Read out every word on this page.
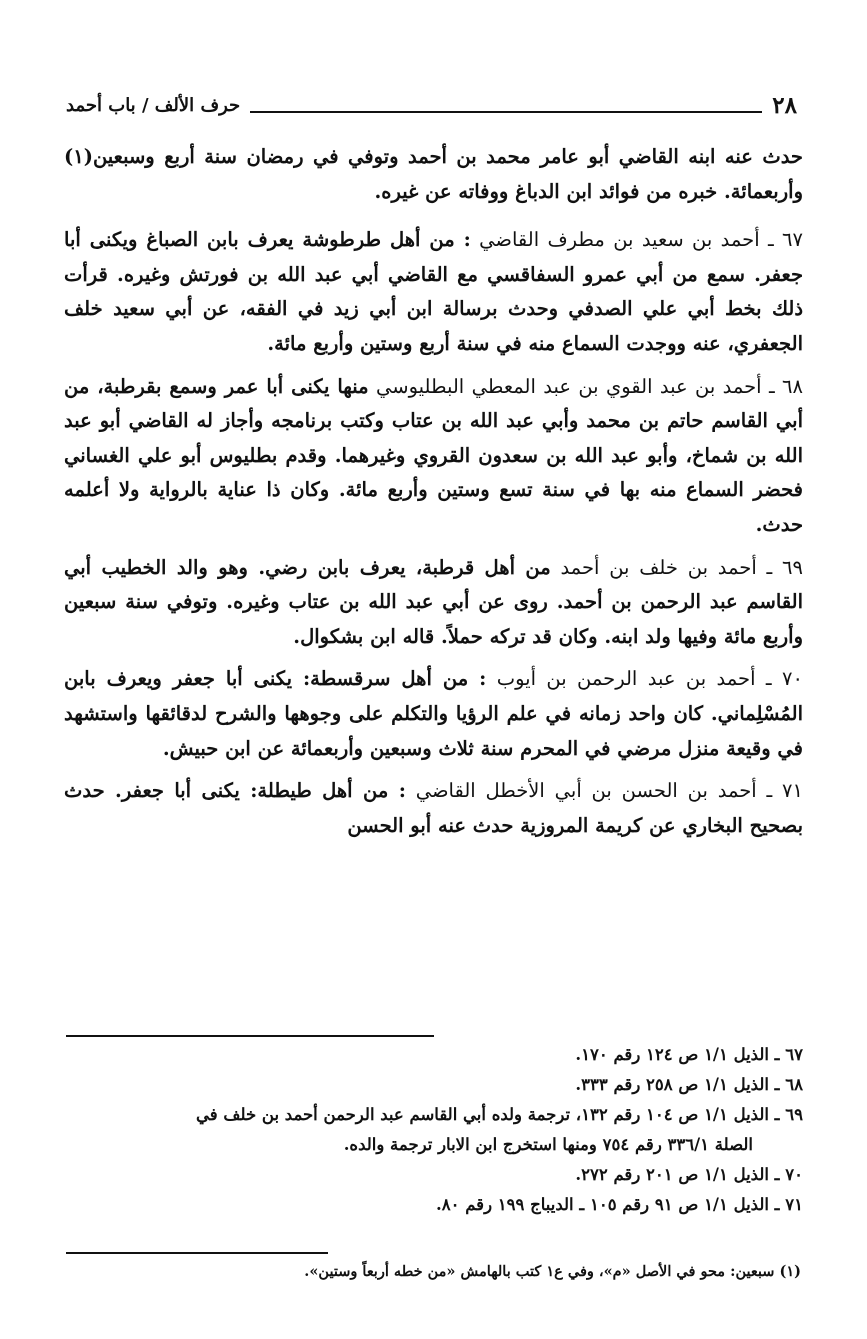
٢٨
حرف الألف / باب أحمد

حدث عنه ابنه القاضي أبو عامر محمد بن أحمد وتوفي في رمضان سنة أربع وسبعين(١) وأربعمائة. خبره من فوائد ابن الدباغ ووفاته عن غيره.

٦٧ ـ أحمد بن سعيد بن مطرف القاضي : من أهل طرطوشة يعرف بابن الصباغ ويكنى أبا جعفر. سمع من أبي عمرو السفاقسي مع القاضي أبي عبد الله بن فورتش وغيره. قرأت ذلك بخط أبي علي الصدفي وحدث برسالة ابن أبي زيد في الفقه، عن أبي سعيد خلف الجعفري، عنه ووجدت السماع منه في سنة أربع وستين وأربع مائة.

٦٨ ـ أحمد بن عبد القوي بن عبد المعطي البطليوسي منها يكنى أبا عمر وسمع بقرطبة، من أبي القاسم حاتم بن محمد وأبي عبد الله بن عتاب وكتب برنامجه وأجاز له القاضي أبو عبد الله بن شماخ، وأبو عبد الله بن سعدون القروي وغيرهما. وقدم بطليوس أبو علي الغساني فحضر السماع منه بها في سنة تسع وستين وأربع مائة. وكان ذا عناية بالرواية ولا أعلمه حدث.

٦٩ ـ أحمد بن خلف بن أحمد من أهل قرطبة، يعرف بابن رضي. وهو والد الخطيب أبي القاسم عبد الرحمن بن أحمد. روى عن أبي عبد الله بن عتاب وغيره. وتوفي سنة سبعين وأربع مائة وفيها ولد ابنه. وكان قد تركه حملاً. قاله ابن بشكوال.

٧٠ ـ أحمد بن عبد الرحمن بن أيوب : من أهل سرقسطة: يكنى أبا جعفر ويعرف بابن المُسْلِماني. كان واحد زمانه في علم الرؤيا والتكلم على وجوهها والشرح لدقائقها واستشهد في وقيعة منزل مرضي في المحرم سنة ثلاث وسبعين وأربعمائة عن ابن حبيش.

٧١ ـ أحمد بن الحسن بن أبي الأخطل القاضي : من أهل طيطلة: يكنى أبا جعفر. حدث بصحيح البخاري عن كريمة المروزية حدث عنه أبو الحسن

٦٧ ـ الذيل ١/١ ص ١٢٤ رقم ١٧٠.

٦٨ ـ الذيل ١/١ ص ٢٥٨ رقم ٣٣٣.

٦٩ ـ الذيل ١/١ ص ١٠٤ رقم ١٣٢، ترجمة ولده أبي القاسم عبد الرحمن أحمد بن خلف في

الصلة ٣٣٦/١ رقم ٧٥٤ ومنها استخرج ابن الابار ترجمة والده.

٧٠ ـ الذيل ١/١ ص ٢٠١ رقم ٢٧٢.

٧١ ـ الذيل ١/١ ص ٩١ رقم ١٠٥ ـ الديباج ١٩٩ رقم ٨٠.

(١) سبعين: محو في الأصل «م»، وفي ع١ كتب بالهامش «من خطه أربعاً وستين».
